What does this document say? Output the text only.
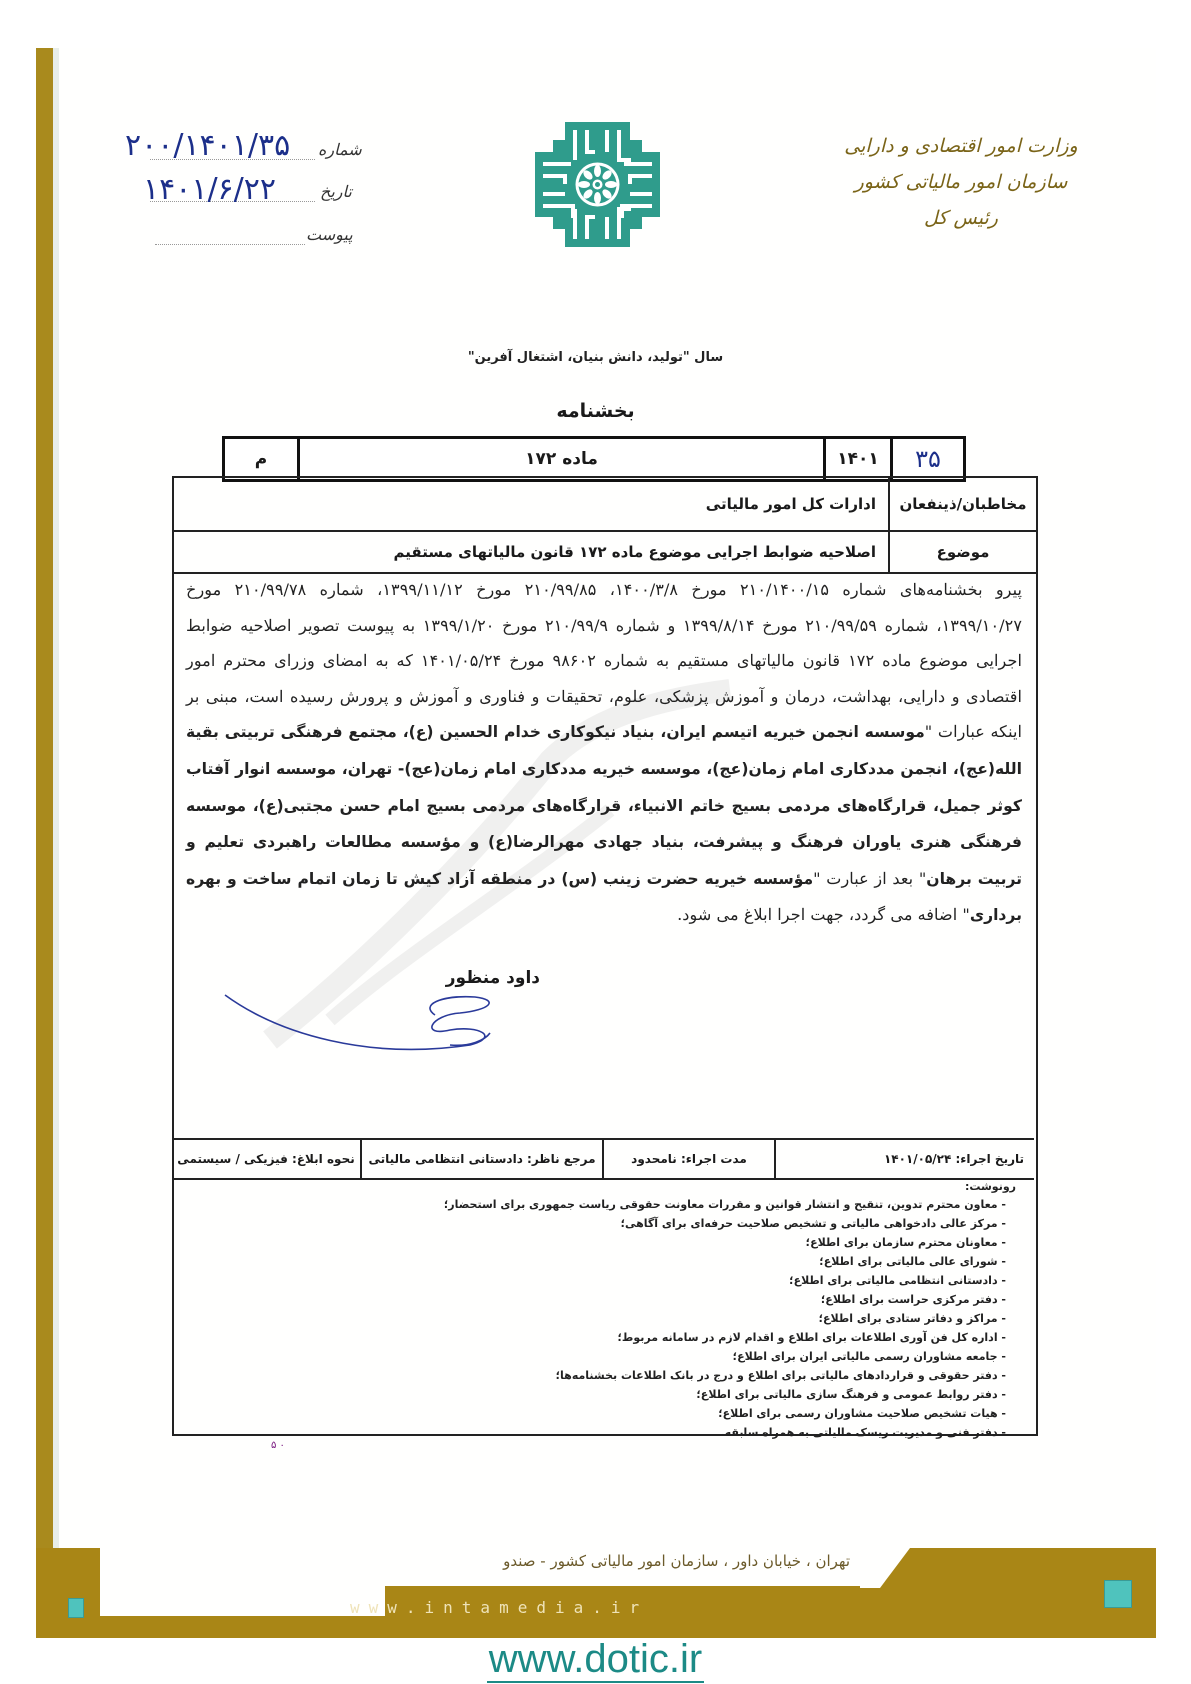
وزارت امور اقتصادی و دارایی
سازمان امور مالیاتی کشور
رئیس کل
شماره
۲۰۰/۱۴۰۱/۳۵
تاریخ
۱۴۰۱/۶/۲۲
پیوست
سال "تولید، دانش بنیان، اشتغال آفرین"
بخشنامه
م	ماده ۱۷۲	۱۴۰۱	۳۵
مخاطبان/ذینفعان
ادارات کل امور مالیاتی
موضوع
اصلاحیه ضوابط اجرایی موضوع ماده ۱۷۲ قانون مالیاتهای مستقیم
پیرو بخشنامه‌های شماره ۲۱۰/۱۴۰۰/۱۵ مورخ ۱۴۰۰/۳/۸، ۲۱۰/۹۹/۸۵ مورخ ۱۳۹۹/۱۱/۱۲، شماره ۲۱۰/۹۹/۷۸ مورخ ۱۳۹۹/۱۰/۲۷، شماره ۲۱۰/۹۹/۵۹ مورخ ۱۳۹۹/۸/۱۴ و شماره ۲۱۰/۹۹/۹ مورخ ۱۳۹۹/۱/۲۰ به پیوست تصویر اصلاحیه ضوابط اجرایی موضوع ماده ۱۷۲ قانون مالیاتهای مستقیم به شماره ۹۸۶۰۲ مورخ ۱۴۰۱/۰۵/۲۴ که به امضای وزرای محترم امور اقتصادی و دارایی، بهداشت، درمان و آموزش پزشکی، علوم، تحقیقات و فناوری و آموزش و پرورش رسیده است، مبنی بر اینکه عبارات "موسسه انجمن خیریه اتیسم ایران، بنیاد نیکوکاری خدام الحسین (ع)، مجتمع فرهنگی تربیتی بقیة الله(عج)، انجمن مددکاری امام زمان(عج)، موسسه خیریه مددکاری امام زمان(عج)- تهران، موسسه انوار آفتاب کوثر جمیل، قرارگاه‌های مردمی بسیج خاتم الانبیاء، قرارگاه‌های مردمی بسیج امام حسن مجتبی(ع)، موسسه فرهنگی هنری یاوران فرهنگ و پیشرفت، بنیاد جهادی مهرالرضا(ع) و مؤسسه مطالعات راهبردی تعلیم و تربیت برهان" بعد از عبارت "مؤسسه خیریه حضرت زینب (س) در منطقه آزاد کیش تا زمان اتمام ساخت و بهره برداری" اضافه می گردد، جهت اجرا ابلاغ می شود.
داود منظور
تاریخ اجراء: ۱۴۰۱/۰۵/۲۴
مدت اجراء: نامحدود
مرجع ناظر: دادستانی انتظامی مالیاتی
نحوه ابلاغ: فیزیکی / سیستمی
رونوشت:
- معاون محترم تدوین، تنقیح و انتشار قوانین و مقررات معاونت حقوقی ریاست جمهوری برای استحضار؛
- مرکز عالی دادخواهی مالیاتی و تشخیص صلاحیت حرفه‌ای برای آگاهی؛
- معاونان محترم سازمان برای اطلاع؛
- شورای عالی مالیاتی برای اطلاع؛
- دادستانی انتظامی مالیاتی برای اطلاع؛
- دفتر مرکزی حراست برای اطلاع؛
- مراکز و دفاتر ستادی برای اطلاع؛
- اداره کل فن آوری اطلاعات برای اطلاع و اقدام لازم در سامانه مربوط؛
- جامعه مشاوران رسمی مالیاتی ایران برای اطلاع؛
- دفتر حقوقی و قراردادهای مالیاتی برای اطلاع و درج در بانک اطلاعات بخشنامه‌ها؛
- دفتر روابط عمومی و فرهنگ سازی مالیاتی برای اطلاع؛
- هیات تشخیص صلاحیت مشاوران رسمی برای اطلاع؛
- دفتر فنی و مدیریت ریسک مالیاتی به همراه سابقه.
۵ ۰
تهران ، خیابان داور ، سازمان امور مالیاتی کشور - صندو
www.intamedia.ir
www.dotic.ir
